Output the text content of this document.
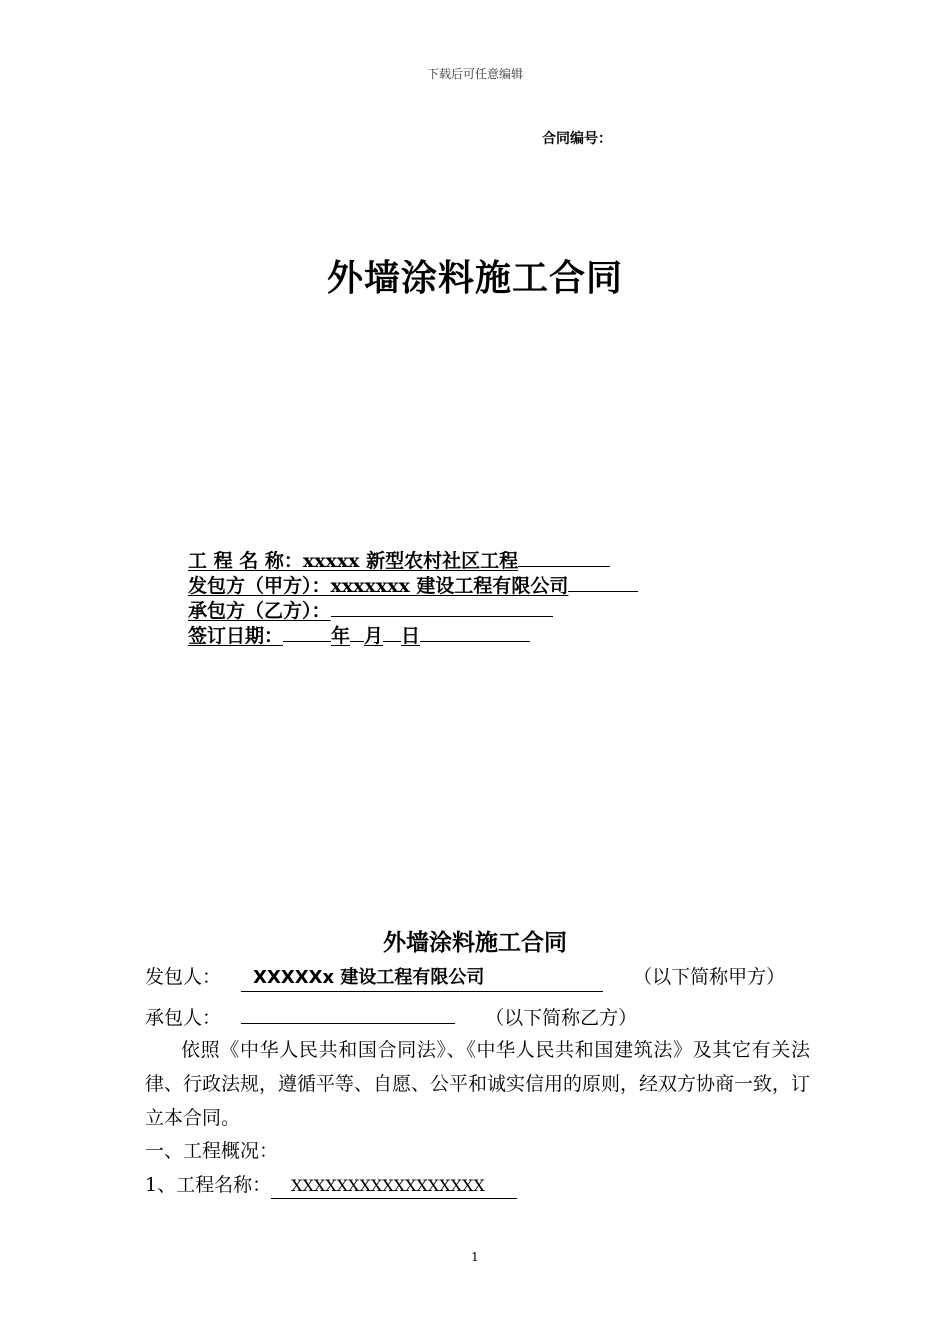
下载后可任意编辑
合同编号：
外墙涂料施工合同
工 程 名 称：xxxxx 新型农村社区工程
发包方（甲方）：xxxxxxx 建设工程有限公司
承包方（乙方）：
签订日期：	年 月 日
外墙涂料施工合同
发包人： XXXXXx 建设工程有限公司	（以下简称甲方）
承包人：	（以下简称乙方）
依照《中华人民共和国合同法》、《中华人民共和国建筑法》及其它有关法律、行政法规，遵循平等、自愿、公平和诚实信用的原则，经双方协商一致，订立本合同。
一、工程概况：
1、工程名称： XXXXXXXXXXXXXXXXX
1
